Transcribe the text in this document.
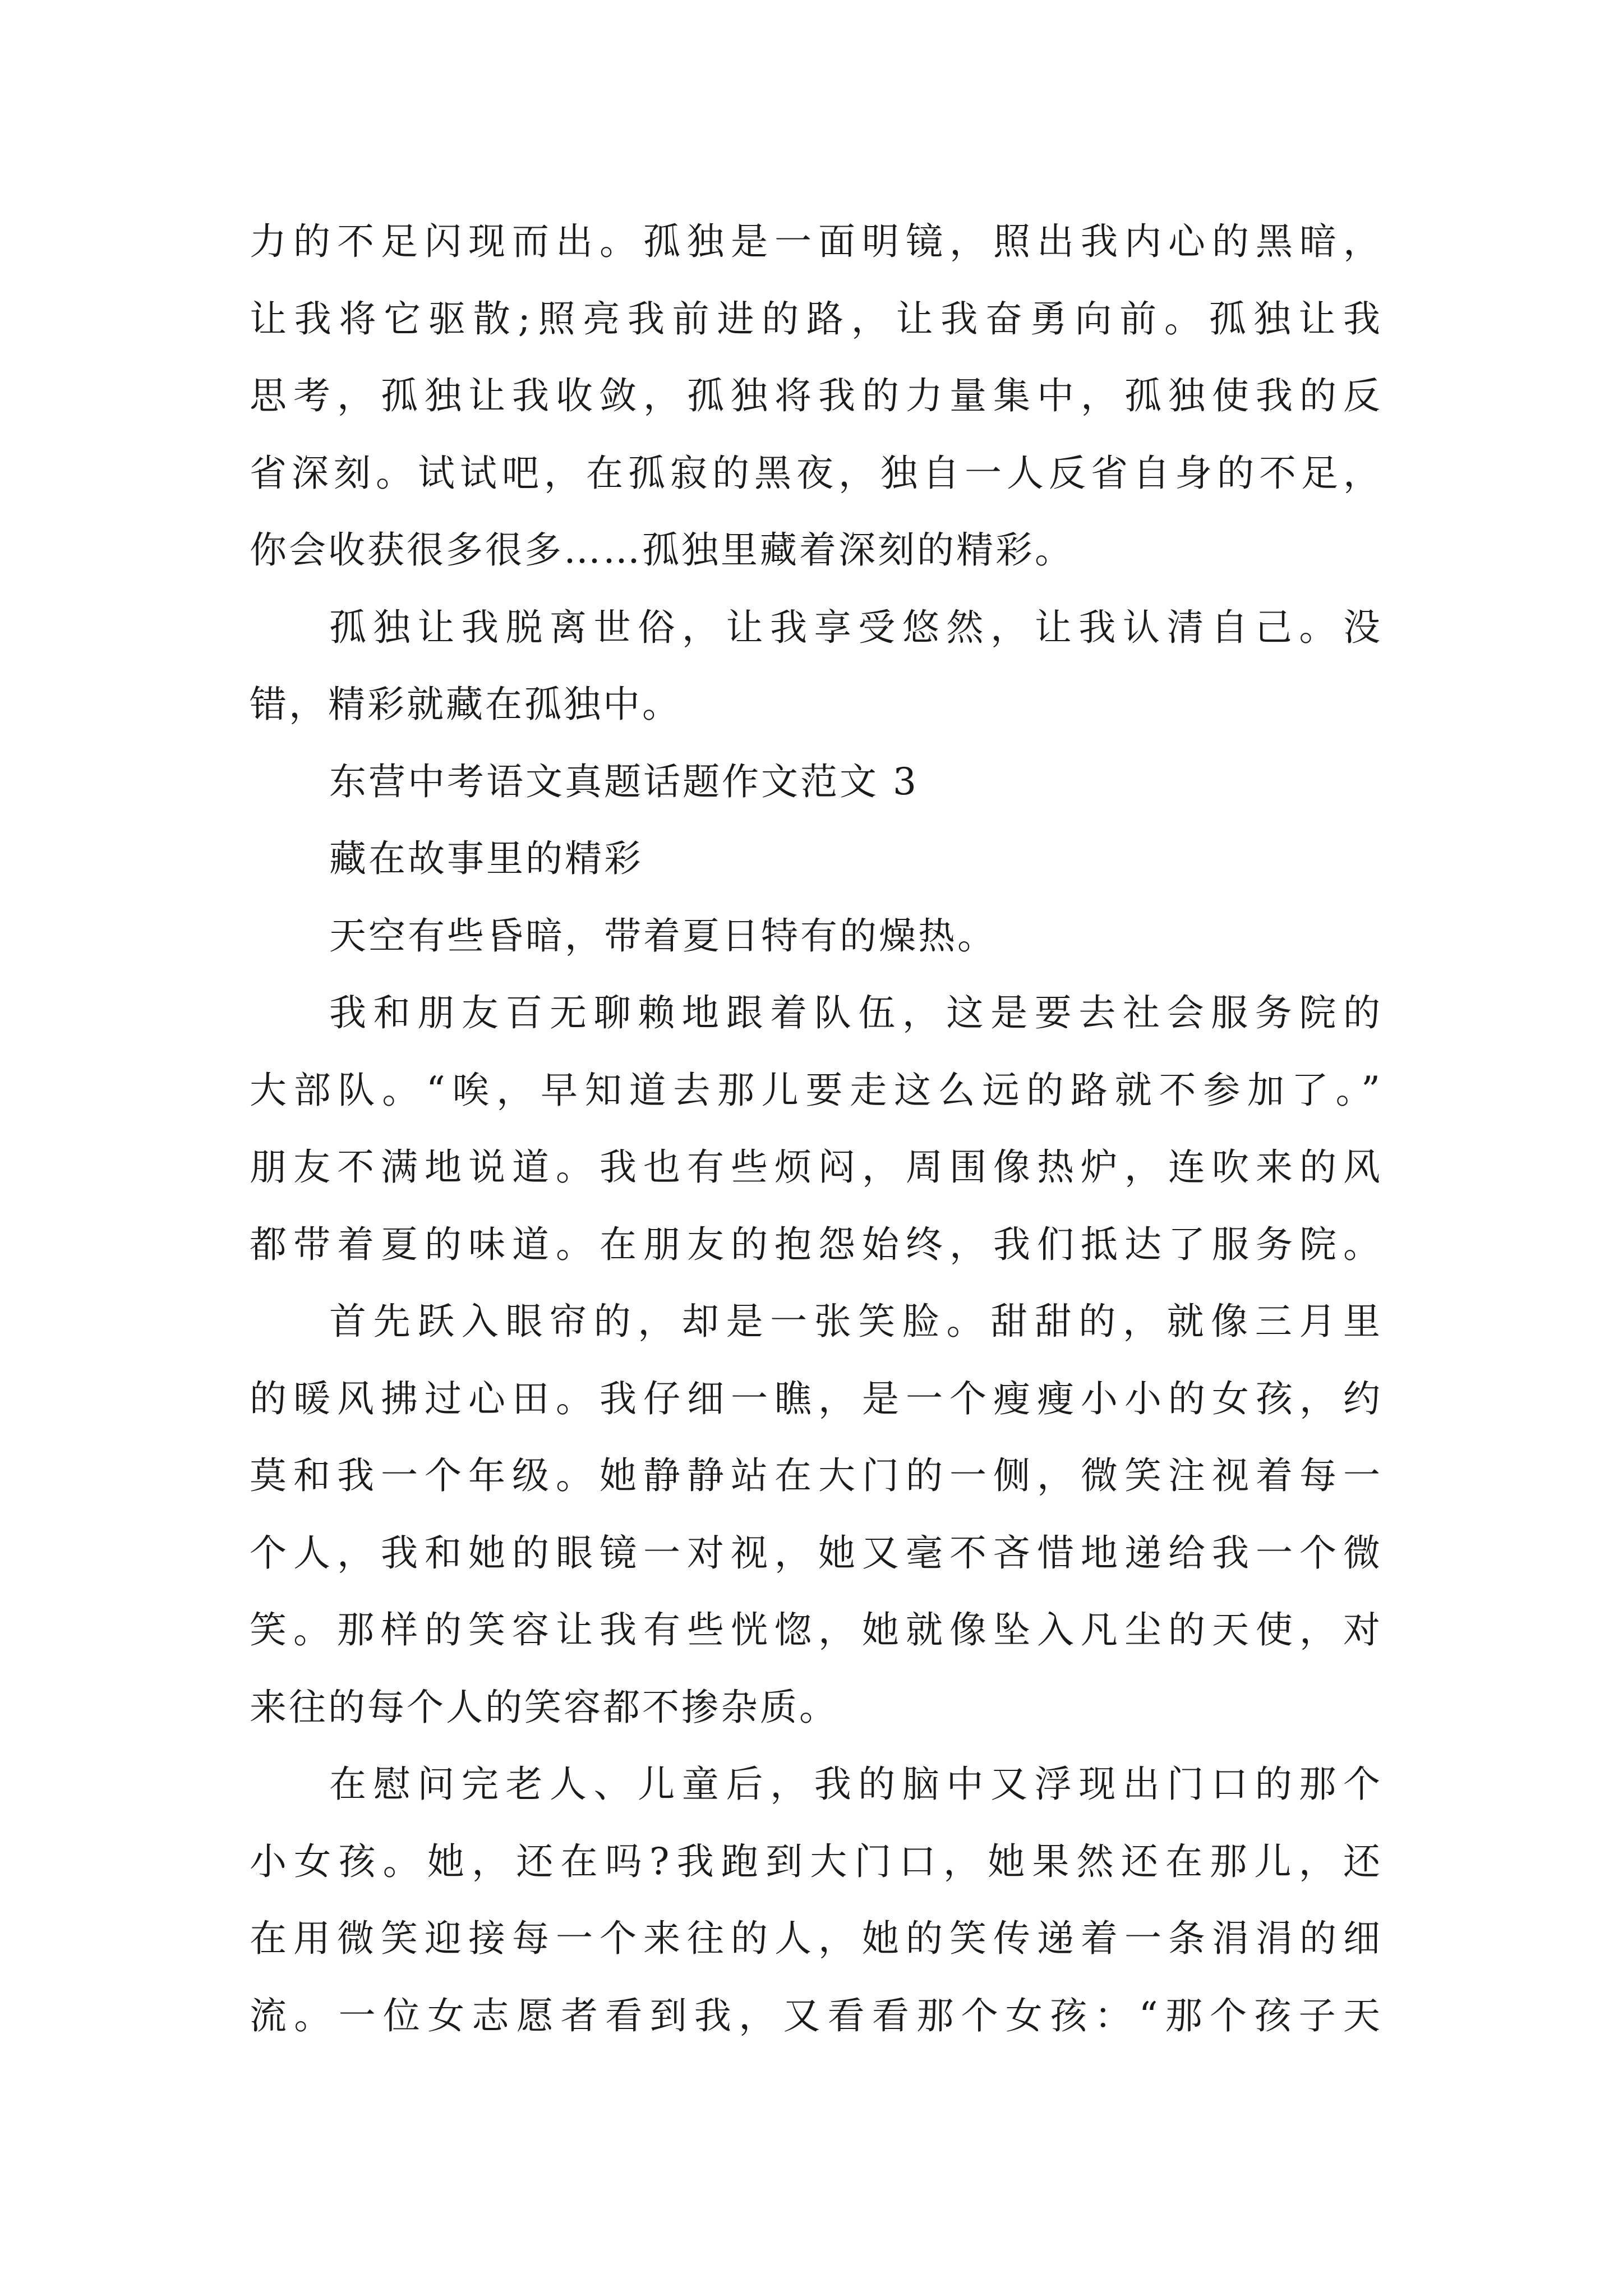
力的不足闪现而出。孤独是一面明镜，照出我内心的黑暗，
让我将它驱散;照亮我前进的路，让我奋勇向前。孤独让我
思考，孤独让我收敛，孤独将我的力量集中，孤独使我的反
省深刻。试试吧，在孤寂的黑夜，独自一人反省自身的不足，
你会收获很多很多……孤独里藏着深刻的精彩。
孤独让我脱离世俗，让我享受悠然，让我认清自己。没
错，精彩就藏在孤独中。
东营中考语文真题话题作文范文 3
藏在故事里的精彩
天空有些昏暗，带着夏日特有的燥热。
我和朋友百无聊赖地跟着队伍，这是要去社会服务院的
大部队。“唉，早知道去那儿要走这么远的路就不参加了。”
朋友不满地说道。我也有些烦闷，周围像热炉，连吹来的风
都带着夏的味道。在朋友的抱怨始终，我们抵达了服务院。
首先跃入眼帘的，却是一张笑脸。甜甜的，就像三月里
的暖风拂过心田。我仔细一瞧，是一个瘦瘦小小的女孩，约
莫和我一个年级。她静静站在大门的一侧，微笑注视着每一
个人，我和她的眼镜一对视，她又毫不吝惜地递给我一个微
笑。那样的笑容让我有些恍惚，她就像坠入凡尘的天使，对
来往的每个人的笑容都不掺杂质。
在慰问完老人、儿童后，我的脑中又浮现出门口的那个
小女孩。她，还在吗?我跑到大门口，她果然还在那儿，还
在用微笑迎接每一个来往的人，她的笑传递着一条涓涓的细
流。一位女志愿者看到我，又看看那个女孩：“那个孩子天
